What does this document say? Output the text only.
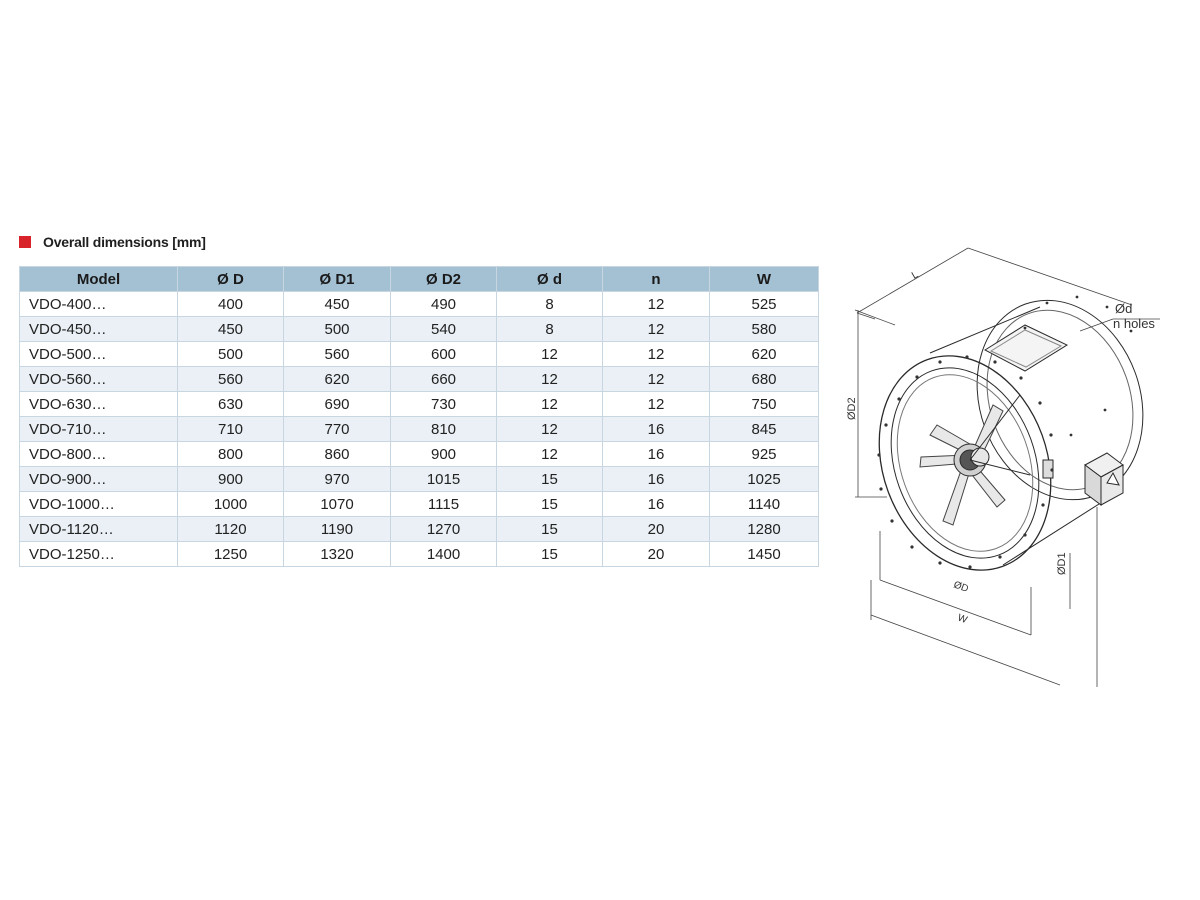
Overall dimensions [mm]
Model	Ø D	Ø D1	Ø D2	Ø d	n	W
VDO-400…	400	450	490	8	12	525
VDO-450…	450	500	540	8	12	580
VDO-500…	500	560	600	12	12	620
VDO-560…	560	620	660	12	12	680
VDO-630…	630	690	730	12	12	750
VDO-710…	710	770	810	12	16	845
VDO-800…	800	860	900	12	16	925
VDO-900…	900	970	1015	15	16	1025
VDO-1000…	1000	1070	1115	15	16	1140
VDO-1120…	1120	1190	1270	15	20	1280
VDO-1250…	1250	1320	1400	15	20	1450
L
Ød
n holes
ØD2
ØD1
ØD
W
